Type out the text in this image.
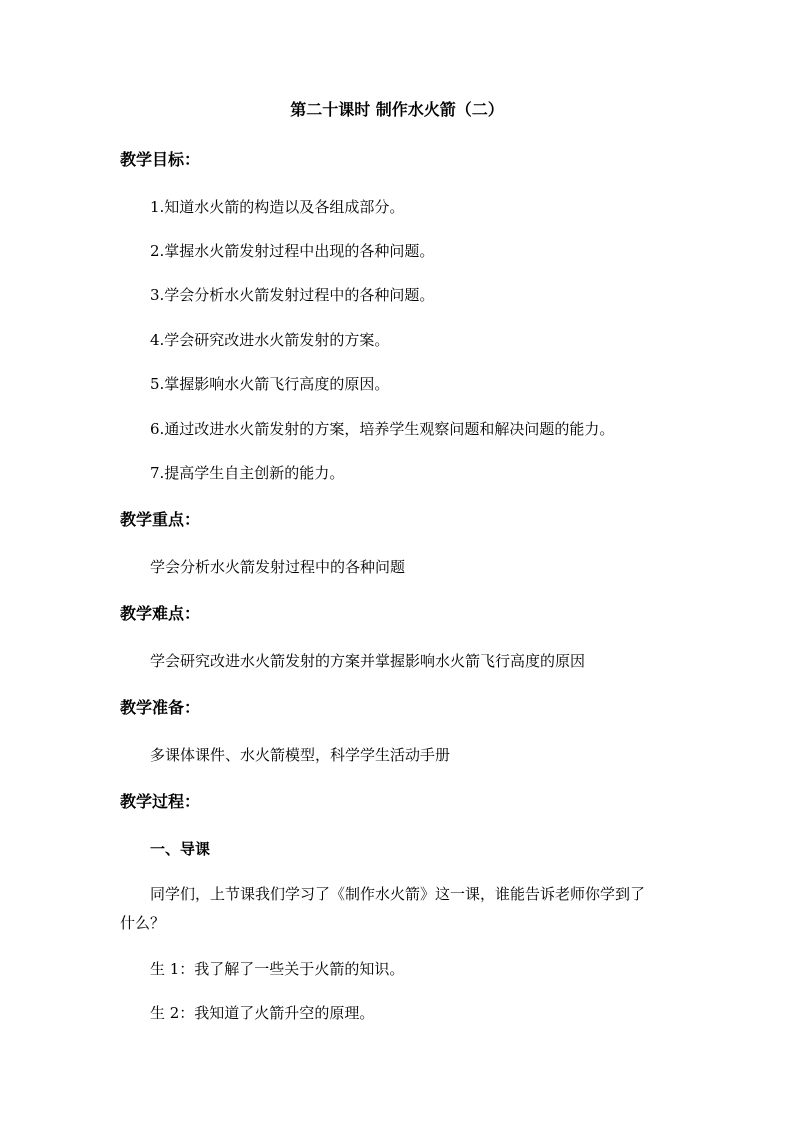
第二十课时 制作水火箭（二）
教学目标：
1.知道水火箭的构造以及各组成部分。
2.掌握水火箭发射过程中出现的各种问题。
3.学会分析水火箭发射过程中的各种问题。
4.学会研究改进水火箭发射的方案。
5.掌握影响水火箭飞行高度的原因。
6.通过改进水火箭发射的方案，培养学生观察问题和解决问题的能力。
7.提高学生自主创新的能力。
教学重点：
学会分析水火箭发射过程中的各种问题
教学难点：
学会研究改进水火箭发射的方案并掌握影响水火箭飞行高度的原因
教学准备：
多课体课件、水火箭模型，科学学生活动手册
教学过程：
一、导课
同学们，上节课我们学习了《制作水火箭》这一课，谁能告诉老师你学到了
什么？
生 1：我了解了一些关于火箭的知识。
生 2：我知道了火箭升空的原理。
